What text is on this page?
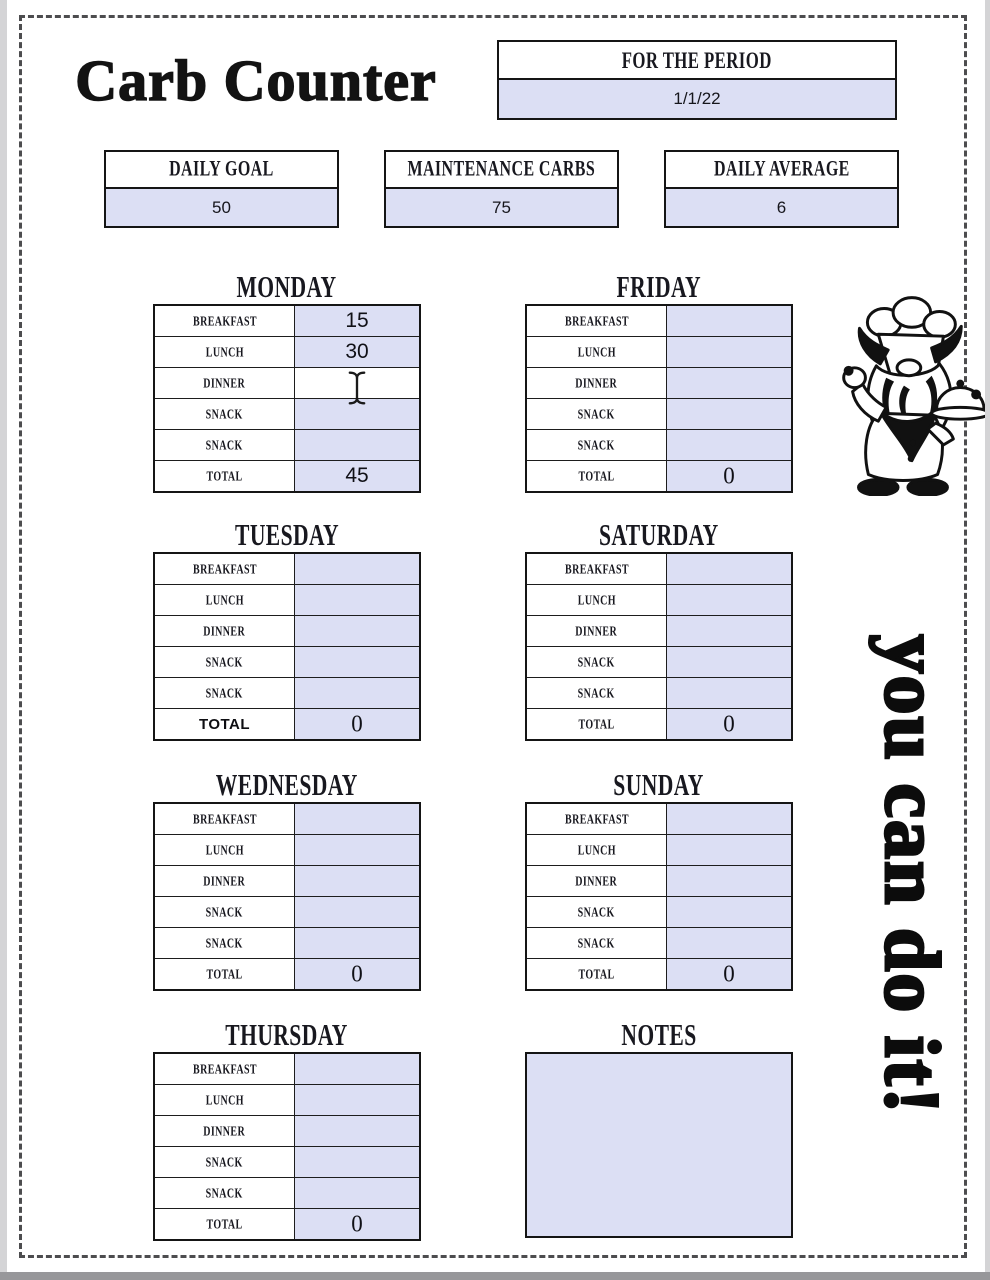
Carb Counter	FOR THE PERIOD
1/1/22
DAILY GOAL
50
MAINTENANCE CARBS
75
DAILY AVERAGE
6
MONDAY
BREAKFAST	15
LUNCH	30
DINNER
SNACK
SNACK
TOTAL	45
TUESDAY
BREAKFAST
LUNCH
DINNER
SNACK
SNACK
TOTAL	0
WEDNESDAY
BREAKFAST
LUNCH
DINNER
SNACK
SNACK
TOTAL	0
THURSDAY
BREAKFAST
LUNCH
DINNER
SNACK
SNACK
TOTAL	0
FRIDAY
BREAKFAST
LUNCH
DINNER
SNACK
SNACK
TOTAL	0
SATURDAY
BREAKFAST
LUNCH
DINNER
SNACK
SNACK
TOTAL	0
SUNDAY
BREAKFAST
LUNCH
DINNER
SNACK
SNACK
TOTAL	0
NOTES	you can do it!
